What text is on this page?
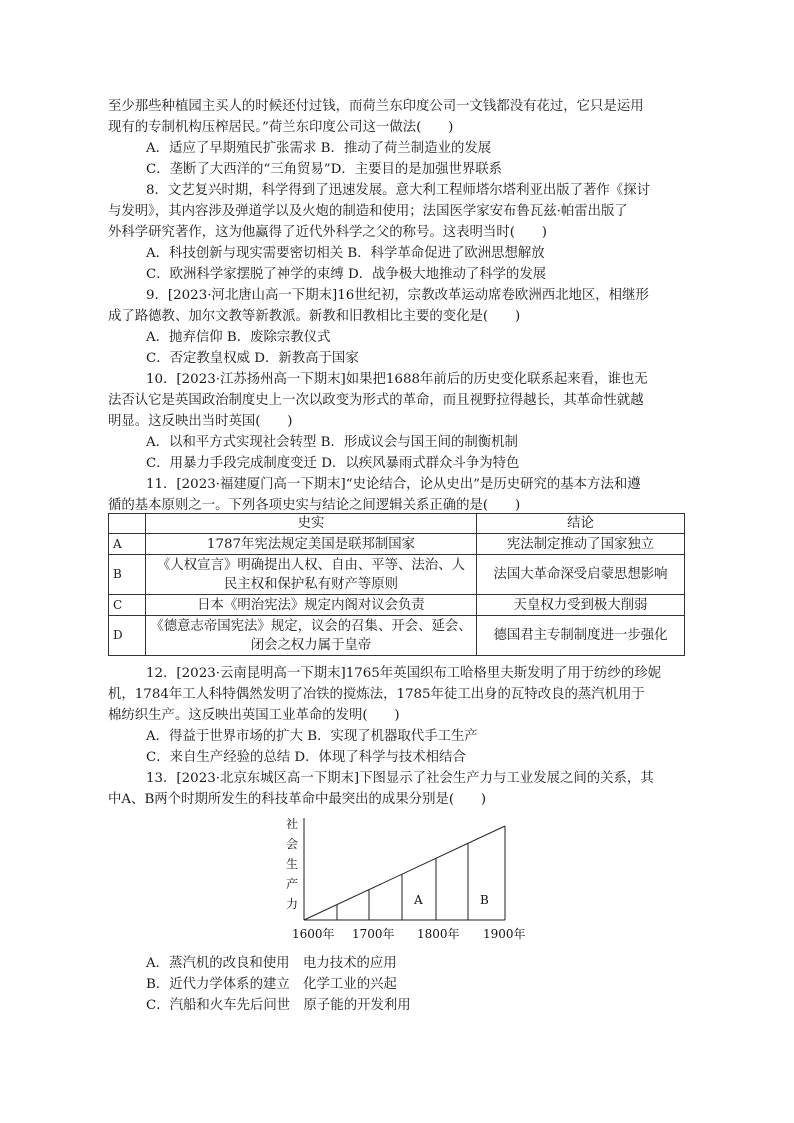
至少那些种植园主买人的时候还付过钱，而荷兰东印度公司一文钱都没有花过，它只是运用
现有的专制机构压榨居民。”荷兰东印度公司这一做法(　　)
A．适应了早期殖民扩张需求 B．推动了荷兰制造业的发展
C．垄断了大西洋的“三角贸易”D．主要目的是加强世界联系
8．文艺复兴时期，科学得到了迅速发展。意大利工程师塔尔塔利亚出版了著作《探讨
与发明》，其内容涉及弹道学以及火炮的制造和使用；法国医学家安布鲁瓦兹·帕雷出版了
外科学研究著作，这为他赢得了近代外科学之父的称号。这表明当时(　　)
A．科技创新与现实需要密切相关 B．科学革命促进了欧洲思想解放
C．欧洲科学家摆脱了神学的束缚 D．战争极大地推动了科学的发展
9．[2023·河北唐山高一下期末]16世纪初，宗教改革运动席卷欧洲西北地区，相继形
成了路德教、加尔文教等新教派。新教和旧教相比主要的变化是(　　)
A．抛弃信仰 B．废除宗教仪式
C．否定教皇权威 D．新教高于国家
10．[2023·江苏扬州高一下期末]如果把1688年前后的历史变化联系起来看，谁也无
法否认它是英国政治制度史上一次以政变为形式的革命，而且视野拉得越长，其革命性就越
明显。这反映出当时英国(　　)
A．以和平方式实现社会转型 B．形成议会与国王间的制衡机制
C．用暴力手段完成制度变迁 D．以疾风暴雨式群众斗争为特色
11．[2023·福建厦门高一下期末]“史论结合，论从史出”是历史研究的基本方法和遵
循的基本原则之一。下列各项史实与结论之间逻辑关系正确的是(　　)
	史实	结论
A	1787年宪法规定美国是联邦制国家	宪法制定推动了国家独立
B	《人权宣言》明确提出人权、自由、平等、法治、人
民主权和保护私有财产等原则	法国大革命深受启蒙思想影响
C	日本《明治宪法》规定内阁对议会负责	天皇权力受到极大削弱
D	《德意志帝国宪法》规定，议会的召集、开会、延会、
闭会之权力属于皇帝	德国君主专制制度进一步强化
12．[2023·云南昆明高一下期末]1765年英国织布工哈格里夫斯发明了用于纺纱的珍妮
机，1784年工人科特偶然发明了冶铁的搅炼法，1785年徒工出身的瓦特改良的蒸汽机用于
棉纺织生产。这反映出英国工业革命的发明(　　)
A．得益于世界市场的扩大 B．实现了机器取代手工生产
C．来自生产经验的总结 D．体现了科学与技术相结合
13．[2023·北京东城区高一下期末]下图显示了社会生产力与工业发展之间的关系，其
中A、B两个时期所发生的科技革命中最突出的成果分别是(　　)
社
会
生
产
力	A	B
1600年 1700年 1800年 1900年
A．蒸汽机的改良和使用　电力技术的应用
B．近代力学体系的建立　化学工业的兴起
C．汽船和火车先后问世　原子能的开发利用
